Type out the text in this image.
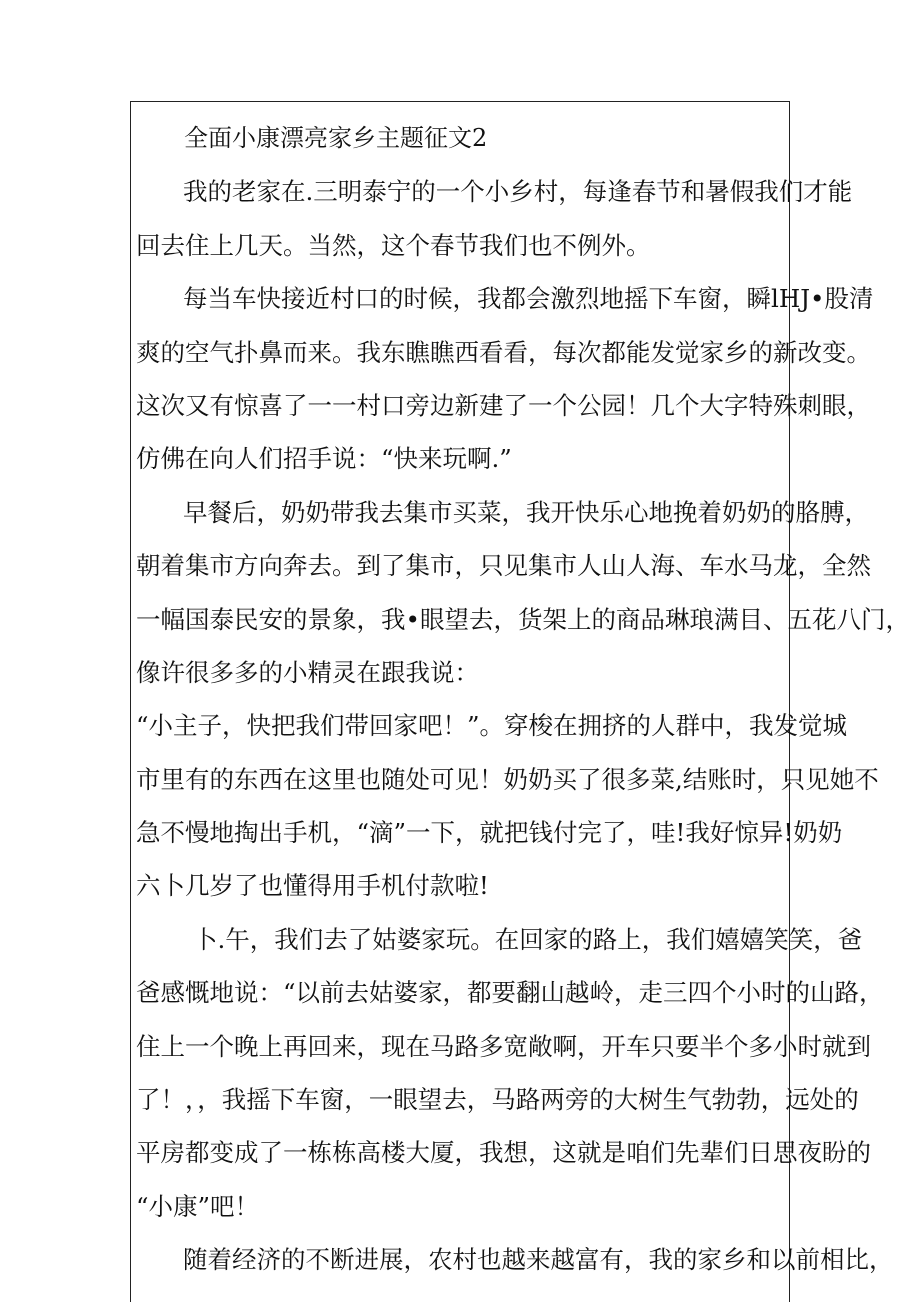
全面小康漂亮家乡主题征文2
我的老家在.三明泰宁的一个小乡村，每逢春节和暑假我们才能
回去住上几天。当然，这个春节我们也不例外。
每当车快接近村口的时候，我都会激烈地摇下车窗，瞬lHJ•股清
爽的空气扑鼻而来。我东瞧瞧西看看，每次都能发觉家乡的新改变。
这次又有惊喜了一一村口旁边新建了一个公园！几个大字特殊刺眼，
仿佛在向人们招手说：“快来玩啊.”
早餐后，奶奶带我去集市买菜，我开快乐心地挽着奶奶的胳膊，
朝着集市方向奔去。到了集市，只见集市人山人海、车水马龙，全然
一幅国泰民安的景象，我•眼望去，货架上的商品琳琅满目、五花八门，
像许很多多的小精灵在跟我说：
“小主子，快把我们带回家吧！”。穿梭在拥挤的人群中，我发觉城
市里有的东西在这里也随处可见！奶奶买了很多菜,结账时，只见她不
急不慢地掏出手机，“滴”一下，就把钱付完了，哇!我好惊异!奶奶
六卜几岁了也懂得用手机付款啦!
卜.午，我们去了姑婆家玩。在回家的路上，我们嬉嬉笑笑，爸
爸感慨地说：“以前去姑婆家，都要翻山越岭，走三四个小时的山路，
住上一个晚上再回来，现在马路多宽敞啊，开车只要半个多小时就到
了！，，我摇下车窗，一眼望去，马路两旁的大树生气勃勃，远处的
平房都变成了一栋栋高楼大厦，我想，这就是咱们先辈们日思夜盼的
“小康”吧！
随着经济的不断进展，农村也越来越富有，我的家乡和以前相比，
